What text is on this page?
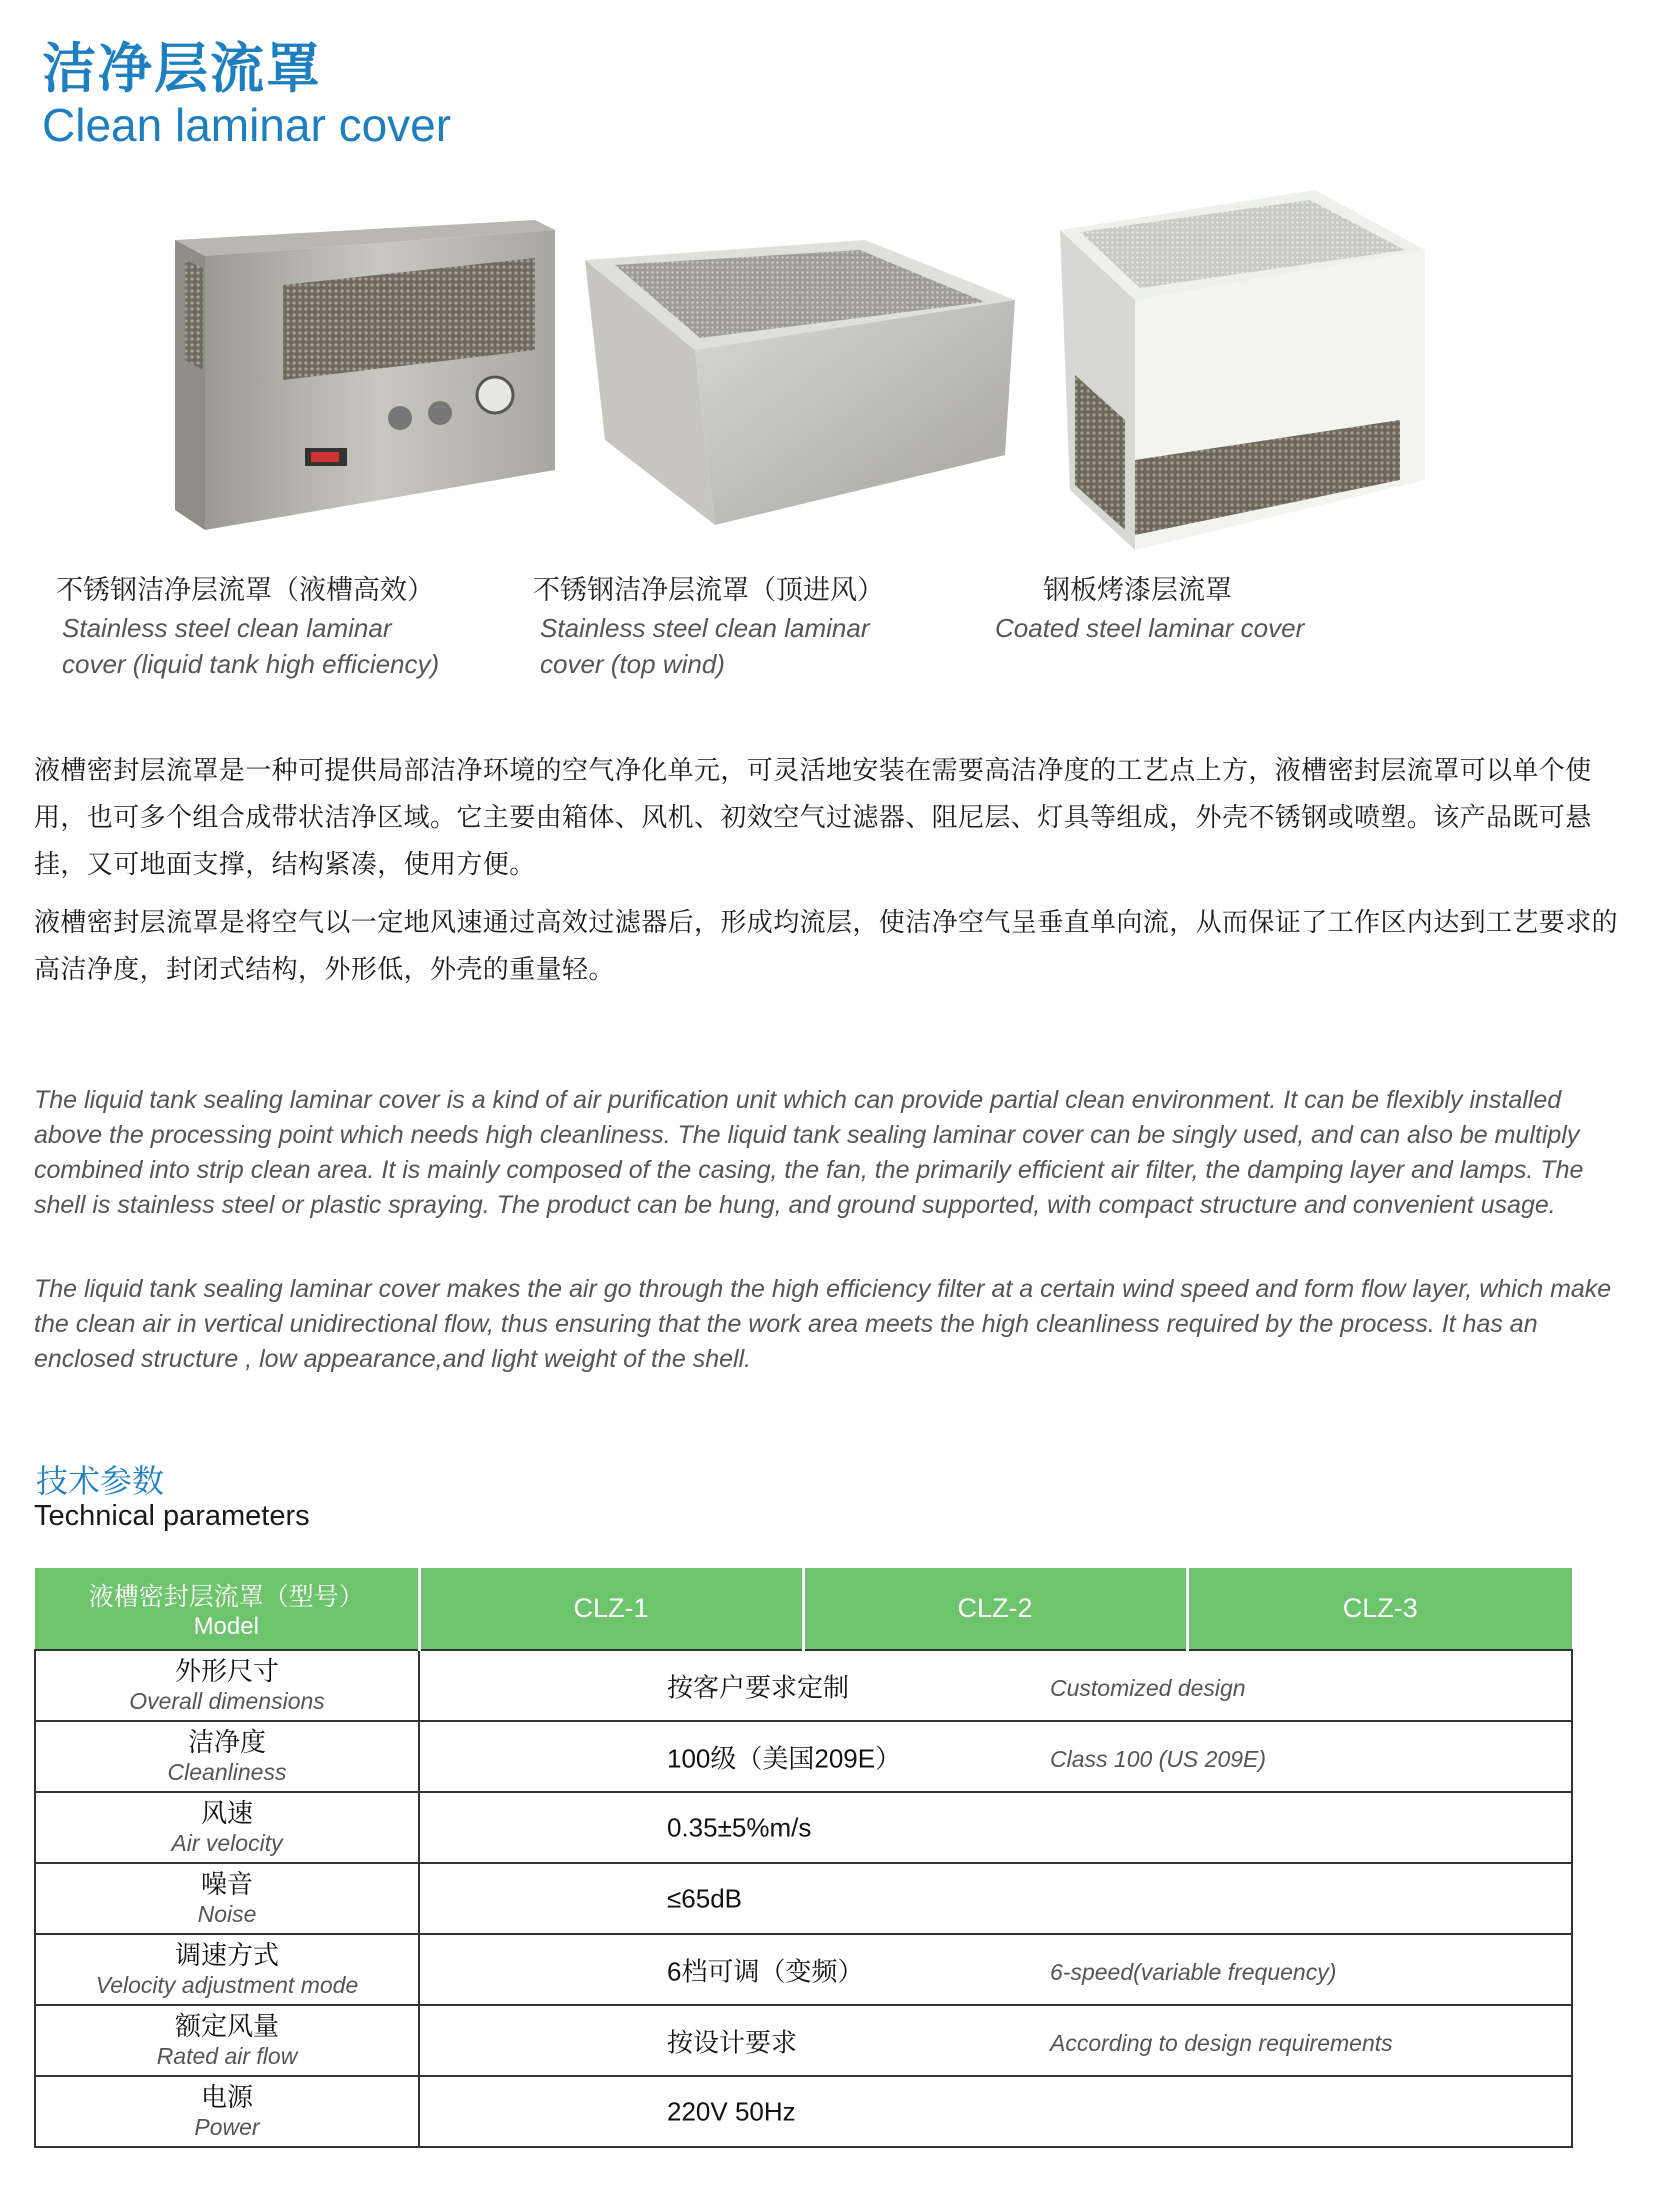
洁净层流罩
Clean laminar cover
不锈钢洁净层流罩（液槽高效）
Stainless steel clean laminar
cover (liquid tank high efficiency)
不锈钢洁净层流罩（顶进风）
Stainless steel clean laminar
cover (top wind)
钢板烤漆层流罩
Coated steel laminar cover
液槽密封层流罩是一种可提供局部洁净环境的空气净化单元，可灵活地安装在需要高洁净度的工艺点上方，液槽密封层流罩可以单个使用，也可多个组合成带状洁净区域。它主要由箱体、风机、初效空气过滤器、阻尼层、灯具等组成，外壳不锈钢或喷塑。该产品既可悬挂，又可地面支撑，结构紧凑，使用方便。
液槽密封层流罩是将空气以一定地风速通过高效过滤器后，形成均流层，使洁净空气呈垂直单向流，从而保证了工作区内达到工艺要求的高洁净度，封闭式结构，外形低，外壳的重量轻。
The liquid tank sealing laminar cover is a kind of air purification unit which can provide partial clean environment. It can be flexibly installed above the processing point which needs high cleanliness. The liquid tank sealing laminar cover can be singly used, and can also be multiply combined into strip clean area. It is mainly composed of the casing, the fan, the primarily efficient air filter, the damping layer and lamps. The shell is stainless steel or plastic spraying. The product can be hung, and ground supported, with compact structure and convenient usage.
The liquid tank sealing laminar cover makes the air go through the high efficiency filter at a certain wind speed and form flow layer, which make the clean air in vertical unidirectional flow, thus ensuring that the work area meets the high cleanliness required by the process. It has an enclosed structure , low appearance,and light weight of the shell.
技术参数
Technical parameters
液槽密封层流罩（型号）
Model	CLZ-1	CLZ-2	CLZ-3

外形尺寸
Overall dimensions	按客户要求定制 Customized design		

洁净度
Cleanliness	100级（美国209E） Class 100 (US 209E)		

风速
Air velocity	0.35±5%m/s		

噪音
Noise	≤65dB		

调速方式
Velocity adjustment mode	6档可调（变频） 6-speed(variable frequency)		

额定风量
Rated air flow	按设计要求 According to design requirements		

电源
Power	220V 50Hz		
